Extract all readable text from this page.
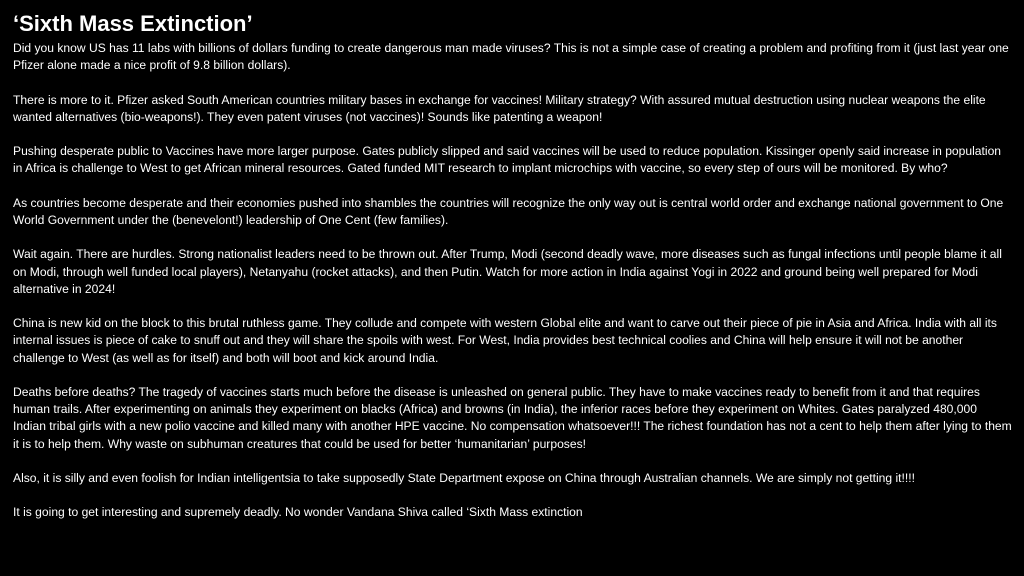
‘Sixth Mass Extinction’

Did you know US has 11 labs with billions of dollars funding to create dangerous man made viruses? This is not a simple case of creating a problem and profiting from it (just last year one Pfizer alone made a nice profit of 9.8 billion dollars).

There is more to it. Pfizer asked South American countries military bases in exchange for vaccines! Military strategy? With assured mutual destruction using nuclear weapons the elite wanted alternatives (bio-weapons!). They even patent viruses (not vaccines)! Sounds like patenting a weapon!

Pushing desperate public to Vaccines have more larger purpose. Gates publicly slipped and said vaccines will be used to reduce population. Kissinger openly said increase in population in Africa is challenge to West to get African mineral resources. Gated funded MIT research to implant microchips with vaccine, so every step of ours will be monitored. By who?

As countries become desperate and their economies pushed into shambles the countries will recognize the only way out is central world order and exchange national government to One World Government under the (benevelont!) leadership of One Cent (few families).

Wait again. There are hurdles. Strong nationalist leaders need to be thrown out. After Trump, Modi (second deadly wave, more diseases such as fungal infections until people blame it all on Modi, through well funded local players), Netanyahu (rocket attacks), and then Putin. Watch for more action in India against Yogi in 2022 and ground being well prepared for Modi alternative in 2024!

China is new kid on the block to this brutal ruthless game. They collude and compete with western Global elite and want to carve out their piece of pie in Asia and Africa. India with all its internal issues is piece of cake to snuff out and they will share the spoils with west. For West, India provides best technical coolies and China will help ensure it will not be another challenge to West (as well as for itself) and both will boot and kick around India.

Deaths before deaths? The tragedy of vaccines starts much before the disease is unleashed on general public. They have to make vaccines ready to benefit from it and that requires human trails. After experimenting on animals they experiment on blacks (Africa) and browns (in India), the inferior races before they experiment on Whites. Gates paralyzed 480,000 Indian tribal girls with a new polio vaccine and killed many with another HPE vaccine. No compensation whatsoever!!! The richest foundation has not a cent to help them after lying to them it is to help them. Why waste on subhuman creatures that could be used for better ‘humanitarian’ purposes!

Also, it is silly and even foolish for Indian intelligentsia to take supposedly State Department expose on China through Australian channels. We are simply not getting it!!!!

It is going to get interesting and supremely deadly. No wonder Vandana Shiva called ‘Sixth Mass extinction
